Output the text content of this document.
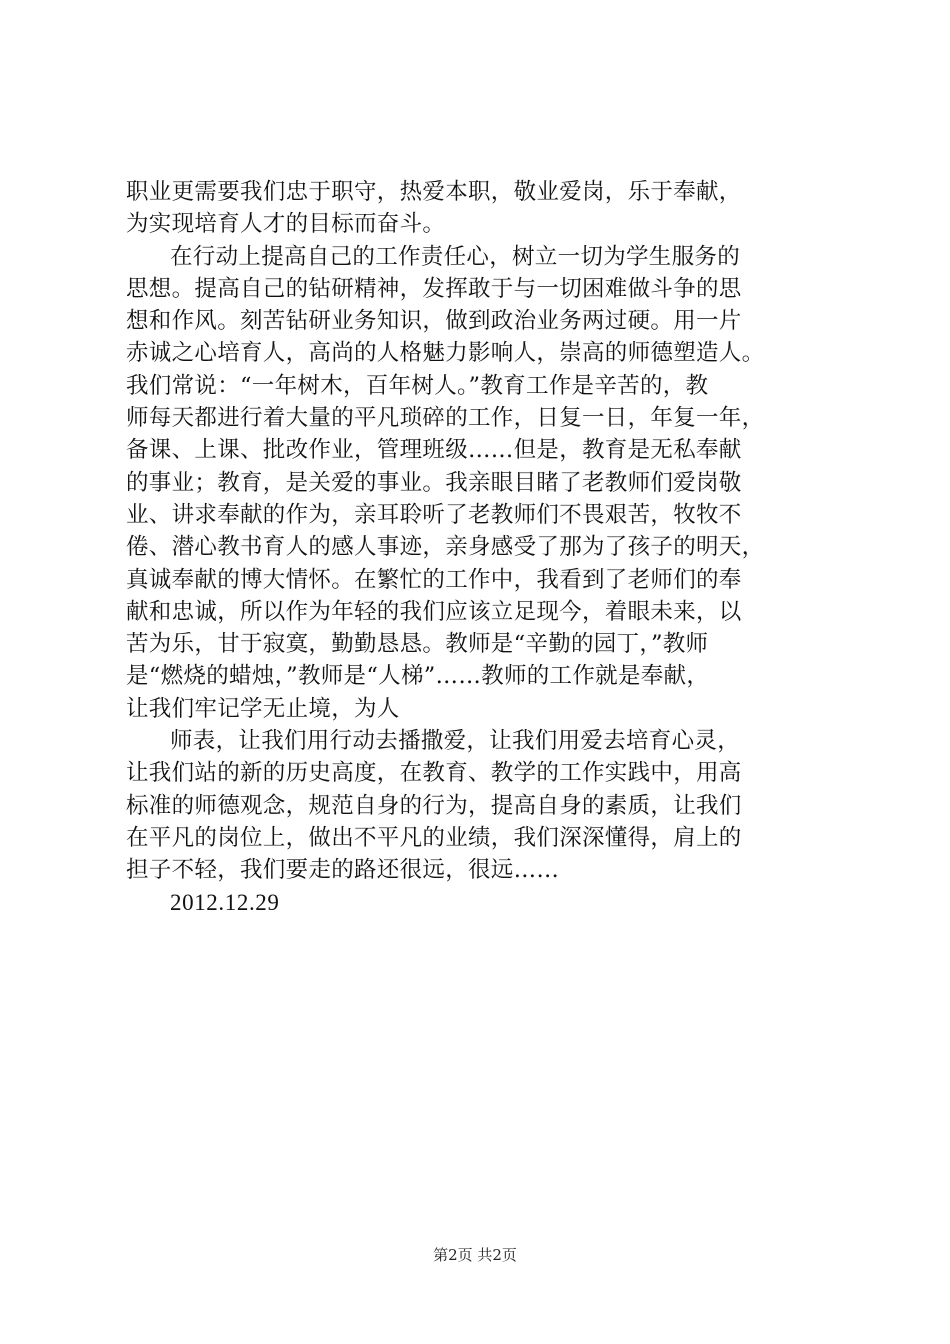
职业更需要我们忠于职守，热爱本职，敬业爱岗，乐于奉献，
为实现培育人才的目标而奋斗。
在行动上提高自己的工作责任心，树立一切为学生服务的
思想。提高自己的钻研精神，发挥敢于与一切困难做斗争的思
想和作风。刻苦钻研业务知识，做到政治业务两过硬。用一片
赤诚之心培育人，高尚的人格魅力影响人，崇高的师德塑造人。
我们常说：“一年树木，百年树人。”教育工作是辛苦的，教
师每天都进行着大量的平凡琐碎的工作，日复一日，年复一年，
备课、上课、批改作业，管理班级……但是，教育是无私奉献
的事业；教育，是关爱的事业。我亲眼目睹了老教师们爱岗敬
业、讲求奉献的作为，亲耳聆听了老教师们不畏艰苦，牧牧不
倦、潜心教书育人的感人事迹，亲身感受了那为了孩子的明天，
真诚奉献的博大情怀。在繁忙的工作中，我看到了老师们的奉
献和忠诚，所以作为年轻的我们应该立足现今，着眼未来，以
苦为乐，甘于寂寞，勤勤恳恳。教师是“辛勤的园丁，”教师
是“燃烧的蜡烛，”教师是“人梯”……教师的工作就是奉献，
让我们牢记学无止境，为人
师表，让我们用行动去播撒爱，让我们用爱去培育心灵，
让我们站的新的历史高度，在教育、教学的工作实践中，用高
标准的师德观念，规范自身的行为，提高自身的素质，让我们
在平凡的岗位上，做出不平凡的业绩，我们深深懂得，肩上的
担子不轻，我们要走的路还很远，很远……
2012.12.29
第2页 共2页
